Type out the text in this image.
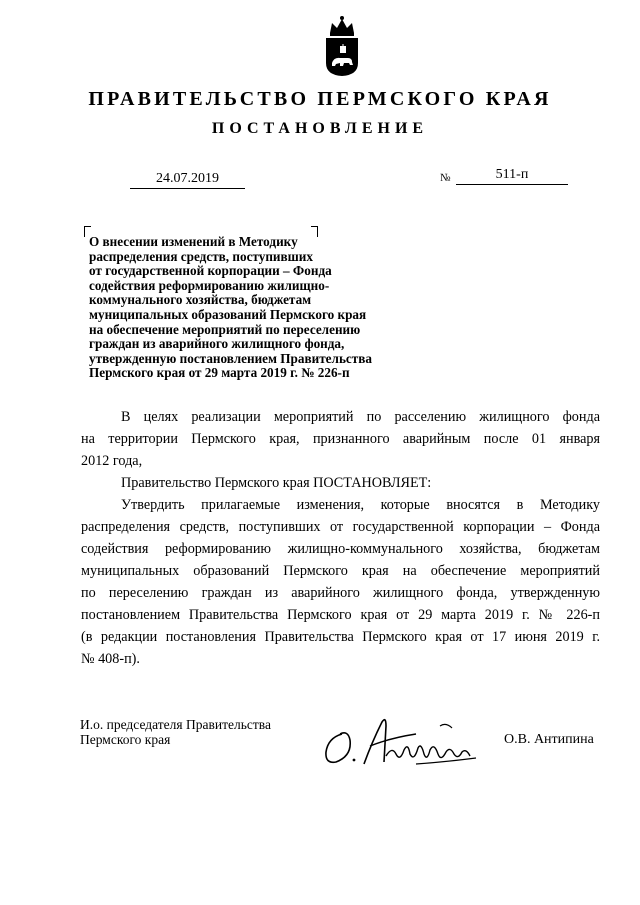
ПРАВИТЕЛЬСТВО ПЕРМСКОГО КРАЯ
ПОСТАНОВЛЕНИЕ
24.07.2019	№	511-п
О внесении изменений в Методику
распределения средств, поступивших
от государственной корпорации – Фонда
содействия реформированию жилищно-
коммунального хозяйства, бюджетам
муниципальных образований Пермского края
на обеспечение мероприятий по переселению
граждан из аварийного жилищного фонда,
утвержденную постановлением Правительства
Пермского края от 29 марта 2019 г. № 226-п
В целях реализации мероприятий по расселению жилищного фонда
на территории Пермского края, признанного аварийным после 01 января
2012 года,
Правительство Пермского края ПОСТАНОВЛЯЕТ:
Утвердить прилагаемые изменения, которые вносятся в Методику
распределения средств, поступивших от государственной корпорации – Фонда
содействия реформированию жилищно-коммунального хозяйства, бюджетам
муниципальных образований Пермского края на обеспечение мероприятий
по переселению граждан из аварийного жилищного фонда, утвержденную
постановлением Правительства Пермского края от 29 марта 2019 г. № 226-п
(в редакции постановления Правительства Пермского края от 17 июня 2019 г.
№ 408-п).
И.о. председателя Правительства
Пермского края	О.В. Антипина
